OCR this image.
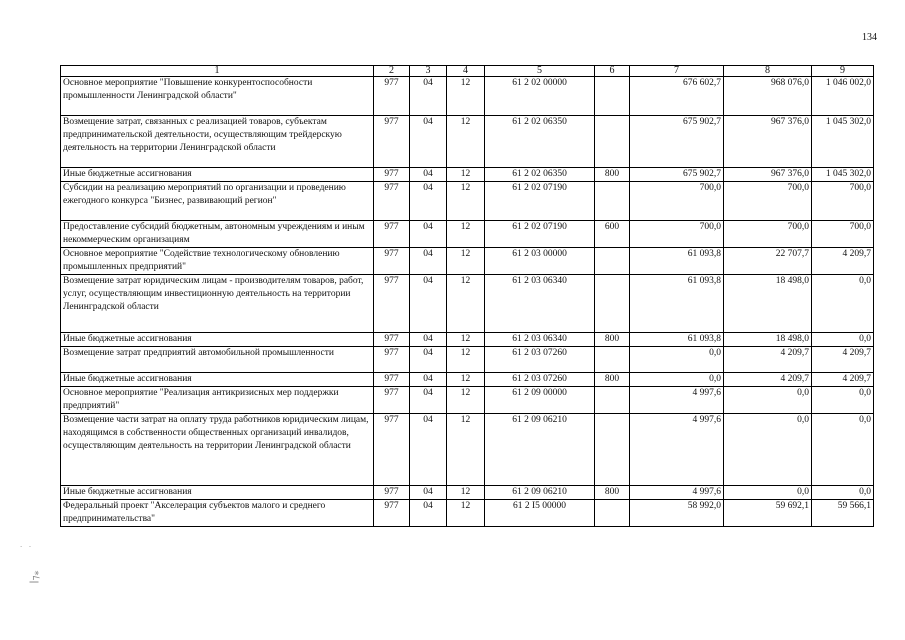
134
1	2	3	4	5	6	7	8	9
Основное мероприятие "Повышение конкурентоспособности промышленности Ленинградской области"	977	04	12	61 2 02 00000		676 602,7	968 076,0	1 046 002,0
Возмещение затрат, связанных с реализацией товаров, субъектам предпринимательской деятельности, осуществляющим трейдерскую деятельность на территории Ленинградской области	977	04	12	61 2 02 06350		675 902,7	967 376,0	1 045 302,0
Иные бюджетные ассигнования	977	04	12	61 2 02 06350	800	675 902,7	967 376,0	1 045 302,0
Субсидии на реализацию мероприятий по организации и проведению ежегодного конкурса "Бизнес, развивающий регион"	977	04	12	61 2 02 07190		700,0	700,0	700,0
Предоставление субсидий бюджетным, автономным учреждениям и иным некоммерческим организациям	977	04	12	61 2 02 07190	600	700,0	700,0	700,0
Основное мероприятие "Содействие технологическому обновлению промышленных предприятий"	977	04	12	61 2 03 00000		61 093,8	22 707,7	4 209,7
Возмещение затрат юридическим лицам - производителям товаров, работ, услуг, осуществляющим инвестиционную деятельность на территории Ленинградской области	977	04	12	61 2 03 06340		61 093,8	18 498,0	0,0
Иные бюджетные ассигнования	977	04	12	61 2 03 06340	800	61 093,8	18 498,0	0,0
Возмещение затрат предприятий автомобильной промышленности	977	04	12	61 2 03 07260		0,0	4 209,7	4 209,7
Иные бюджетные ассигнования	977	04	12	61 2 03 07260	800	0,0	4 209,7	4 209,7
Основное мероприятие "Реализация антикризисных мер поддержки предприятий"	977	04	12	61 2 09 00000		4 997,6	0,0	0,0
Возмещение части затрат на оплату труда работников юридическим лицам, находящимся в собственности общественных организаций инвалидов, осуществляющим деятельность на территории Ленинградской области	977	04	12	61 2 09 06210		4 997,6	0,0	0,0
Иные бюджетные ассигнования	977	04	12	61 2 09 06210	800	4 997,6	0,0	0,0
Федеральный проект "Акселерация субъектов малого и среднего предпринимательства"	977	04	12	61 2 I5 00000		58 992,0	59 692,1	59 566,1
·   ·
ꟾ⁊⁎
